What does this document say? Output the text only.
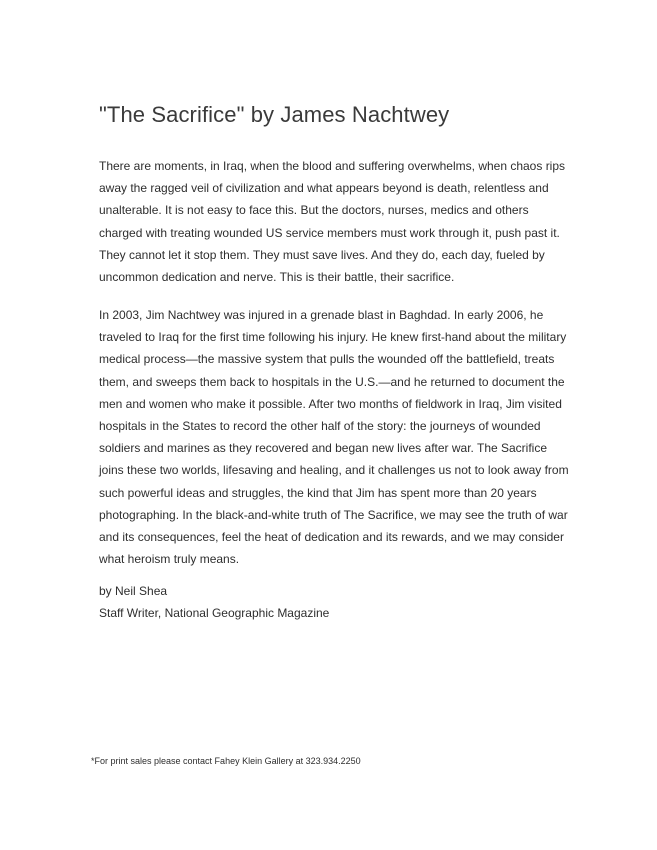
"The Sacrifice" by James Nachtwey
There are moments, in Iraq, when the blood and suffering overwhelms, when chaos rips
away the ragged veil of civilization and what appears beyond is death, relentless and
unalterable. It is not easy to face this. But the doctors, nurses, medics and others
charged with treating wounded US service members must work through it, push past it.
They cannot let it stop them. They must save lives. And they do, each day, fueled by
uncommon dedication and nerve. This is their battle, their sacrifice.
In 2003, Jim Nachtwey was injured in a grenade blast in Baghdad. In early 2006, he
traveled to Iraq for the first time following his injury. He knew first-hand about the military
medical process—the massive system that pulls the wounded off the battlefield, treats
them, and sweeps them back to hospitals in the U.S.—and he returned to document the
men and women who make it possible. After two months of fieldwork in Iraq, Jim visited
hospitals in the States to record the other half of the story: the journeys of wounded
soldiers and marines as they recovered and began new lives after war. The Sacrifice
joins these two worlds, lifesaving and healing, and it challenges us not to look away from
such powerful ideas and struggles, the kind that Jim has spent more than 20 years
photographing. In the black-and-white truth of The Sacrifice, we may see the truth of war
and its consequences, feel the heat of dedication and its rewards, and we may consider
what heroism truly means.
by Neil Shea
Staff Writer, National Geographic Magazine

*For print sales please contact Fahey Klein Gallery at 323.934.2250
